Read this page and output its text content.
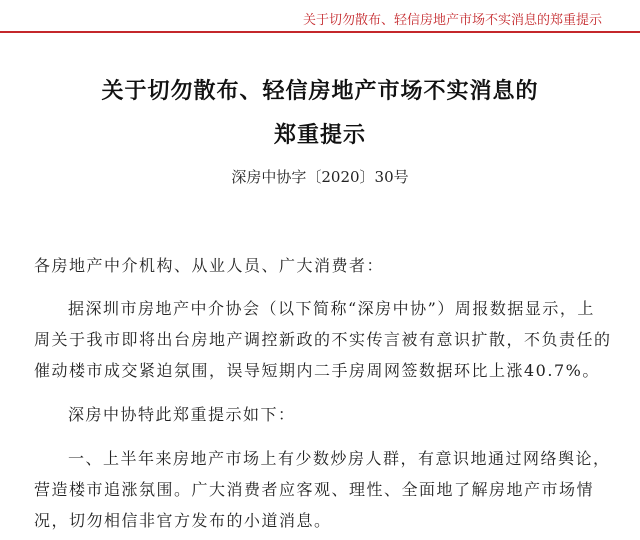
关于切勿散布、轻信房地产市场不实消息的郑重提示
关于切勿散布、轻信房地产市场不实消息的
郑重提示
深房中协字〔2020〕30号
各房地产中介机构、从业人员、广大消费者：
据深圳市房地产中介协会（以下简称“深房中协”）周报数据显示，上
周关于我市即将出台房地产调控新政的不实传言被有意识扩散，不负责任的
催动楼市成交紧迫氛围，误导短期内二手房周网签数据环比上涨40.7%。
深房中协特此郑重提示如下：
一、上半年来房地产市场上有少数炒房人群，有意识地通过网络舆论，
营造楼市追涨氛围。广大消费者应客观、理性、全面地了解房地产市场情
况，切勿相信非官方发布的小道消息。
